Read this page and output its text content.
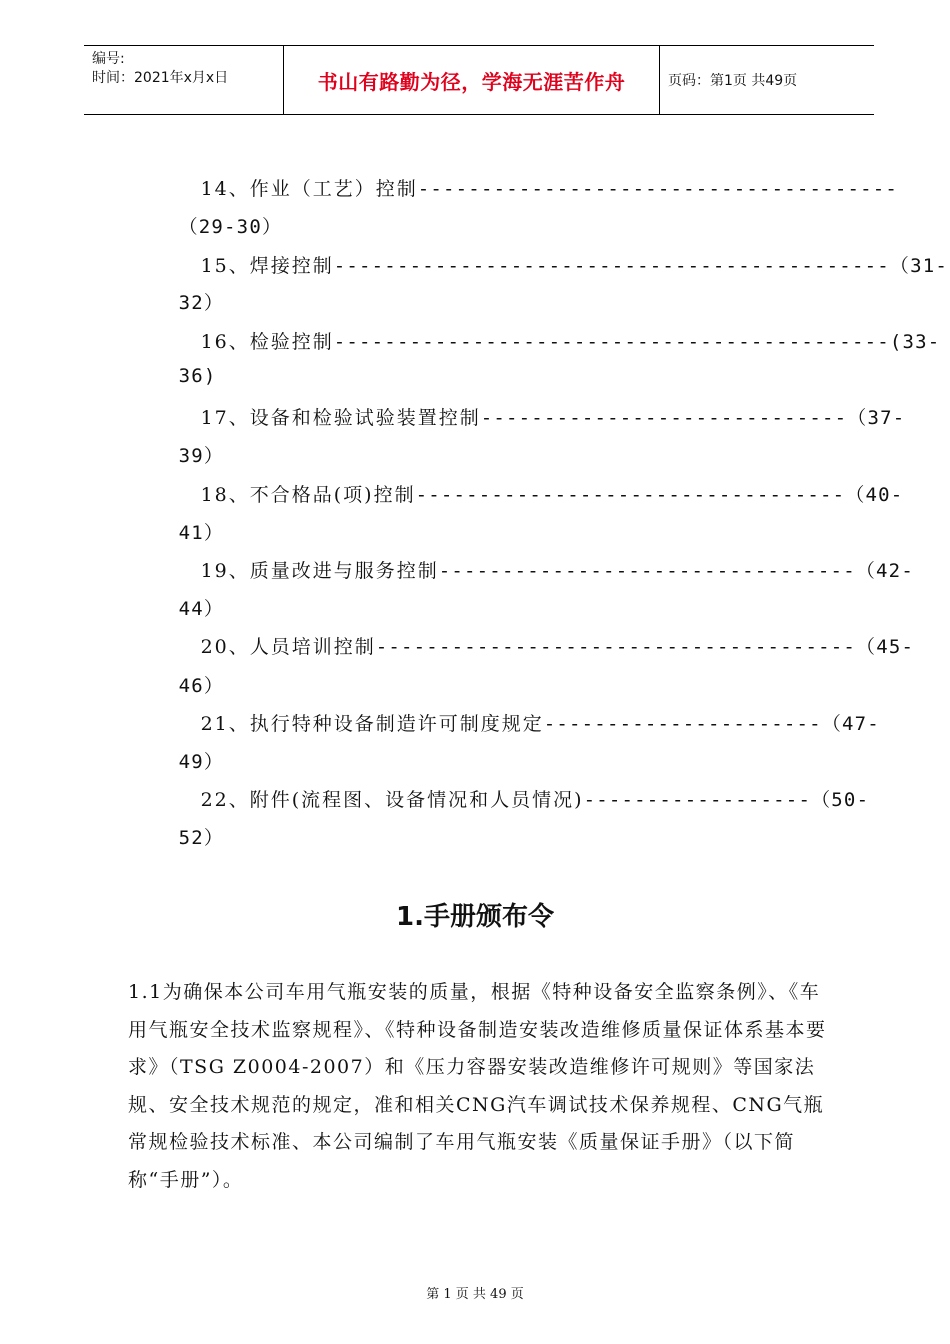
编号:
时间：2021年x月x日	书山有路勤为径，学海无涯苦作舟	页码：第1页 共49页

14、作业（工艺）控制--------------------------------------

（29-30）

15、焊接控制--------------------------------------------（31-

32）

16、检验控制--------------------------------------------(33-

36)

17、设备和检验试验装置控制-----------------------------（37-

39）

18、不合格品(项)控制----------------------------------（40-

41）

19、质量改进与服务控制---------------------------------（42-

44）

20、人员培训控制--------------------------------------（45-

46）

21、执行特种设备制造许可制度规定----------------------（47-

49）

22、附件(流程图、设备情况和人员情况)------------------（50-

52）

1.手册颁布令
1.1为确保本公司车用气瓶安装的质量，根据《特种设备安全监察条例》、《车用气瓶安全技术监察规程》、《特种设备制造安装改造维修质量保证体系基本要求》（TSG Z0004-2007）和《压力容器安装改造维修许可规则》等国家法规、安全技术规范的规定，准和相关CNG汽车调试技术保养规程、CNG气瓶常规检验技术标准、本公司编制了车用气瓶安装《质量保证手册》（以下简称“手册”）。
第 1 页 共 49 页
